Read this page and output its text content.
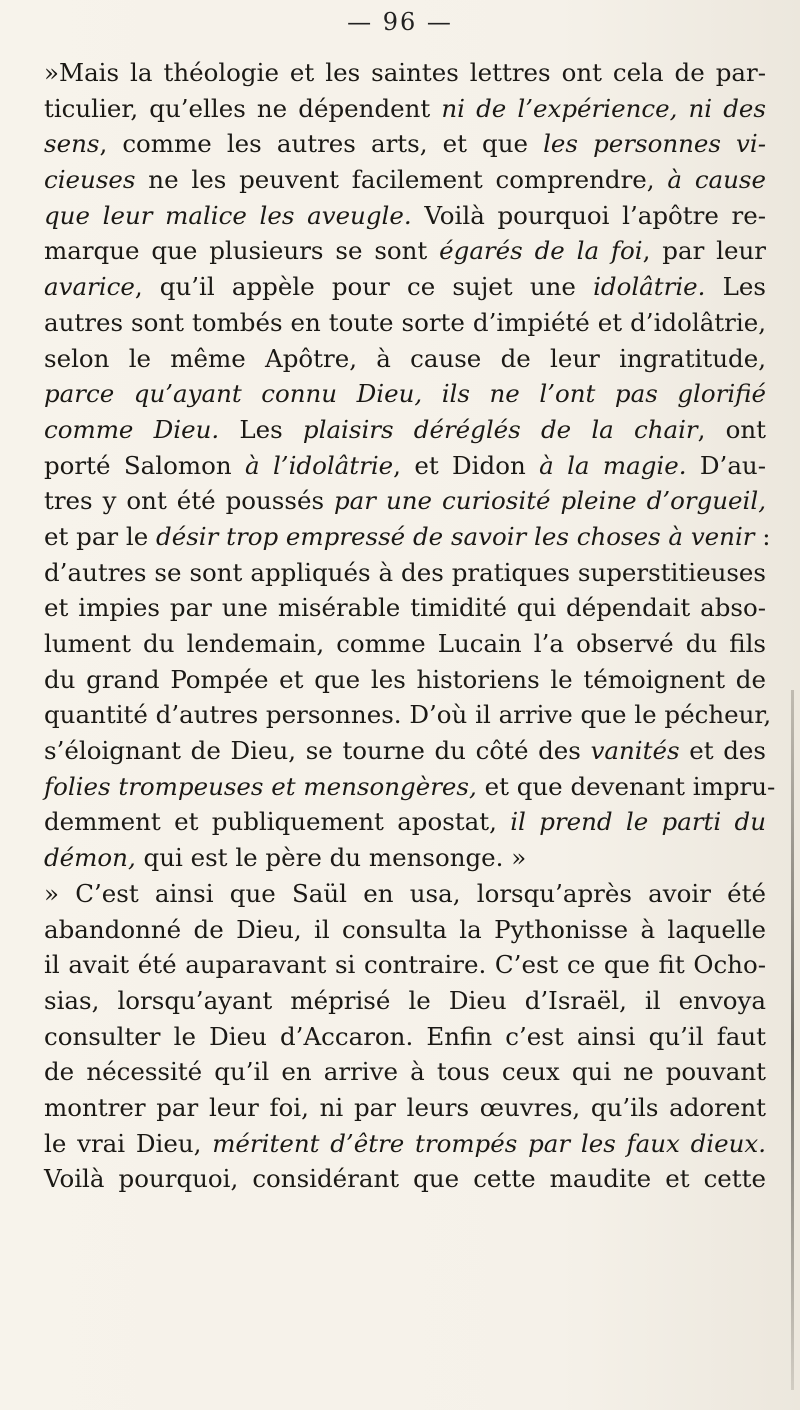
— 96 —
»Mais la théologie et les saintes lettres ont cela de par-
ticulier, qu’elles ne dépendent ni de l’expérience, ni des
sens, comme les autres arts, et que les personnes vi-
cieuses ne les peuvent facilement comprendre, à cause
que leur malice les aveugle. Voilà pourquoi l’apôtre re-
marque que plusieurs se sont égarés de la foi, par leur
avarice, qu’il appèle pour ce sujet une idolâtrie. Les
autres sont tombés en toute sorte d’impiété et d’idolâtrie,
selon le même Apôtre, à cause de leur ingratitude,
parce qu’ayant connu Dieu, ils ne l’ont pas glorifié
comme Dieu. Les plaisirs déréglés de la chair, ont
porté Salomon à l’idolâtrie, et Didon à la magie. D’au-
tres y ont été poussés par une curiosité pleine d’orgueil,
et par le désir trop empressé de savoir les choses à venir :
d’autres se sont appliqués à des pratiques superstitieuses
et impies par une misérable timidité qui dépendait abso-
lument du lendemain, comme Lucain l’a observé du fils
du grand Pompée et que les historiens le témoignent de
quantité d’autres personnes. D’où il arrive que le pécheur,
s’éloignant de Dieu, se tourne du côté des vanités et des
folies trompeuses et mensongères, et que devenant impru-
demment et publiquement apostat, il prend le parti du
démon, qui est le père du mensonge. »
» C’est ainsi que Saül en usa, lorsqu’après avoir été
abandonné de Dieu, il consulta la Pythonisse à laquelle
il avait été auparavant si contraire. C’est ce que fit Ocho-
sias, lorsqu’ayant méprisé le Dieu d’Israël, il envoya
consulter le Dieu d’Accaron. Enfin c’est ainsi qu’il faut
de nécessité qu’il en arrive à tous ceux qui ne pouvant
montrer par leur foi, ni par leurs œuvres, qu’ils adorent
le vrai Dieu, méritent d’être trompés par les faux dieux.
Voilà pourquoi, considérant que cette maudite et cette
